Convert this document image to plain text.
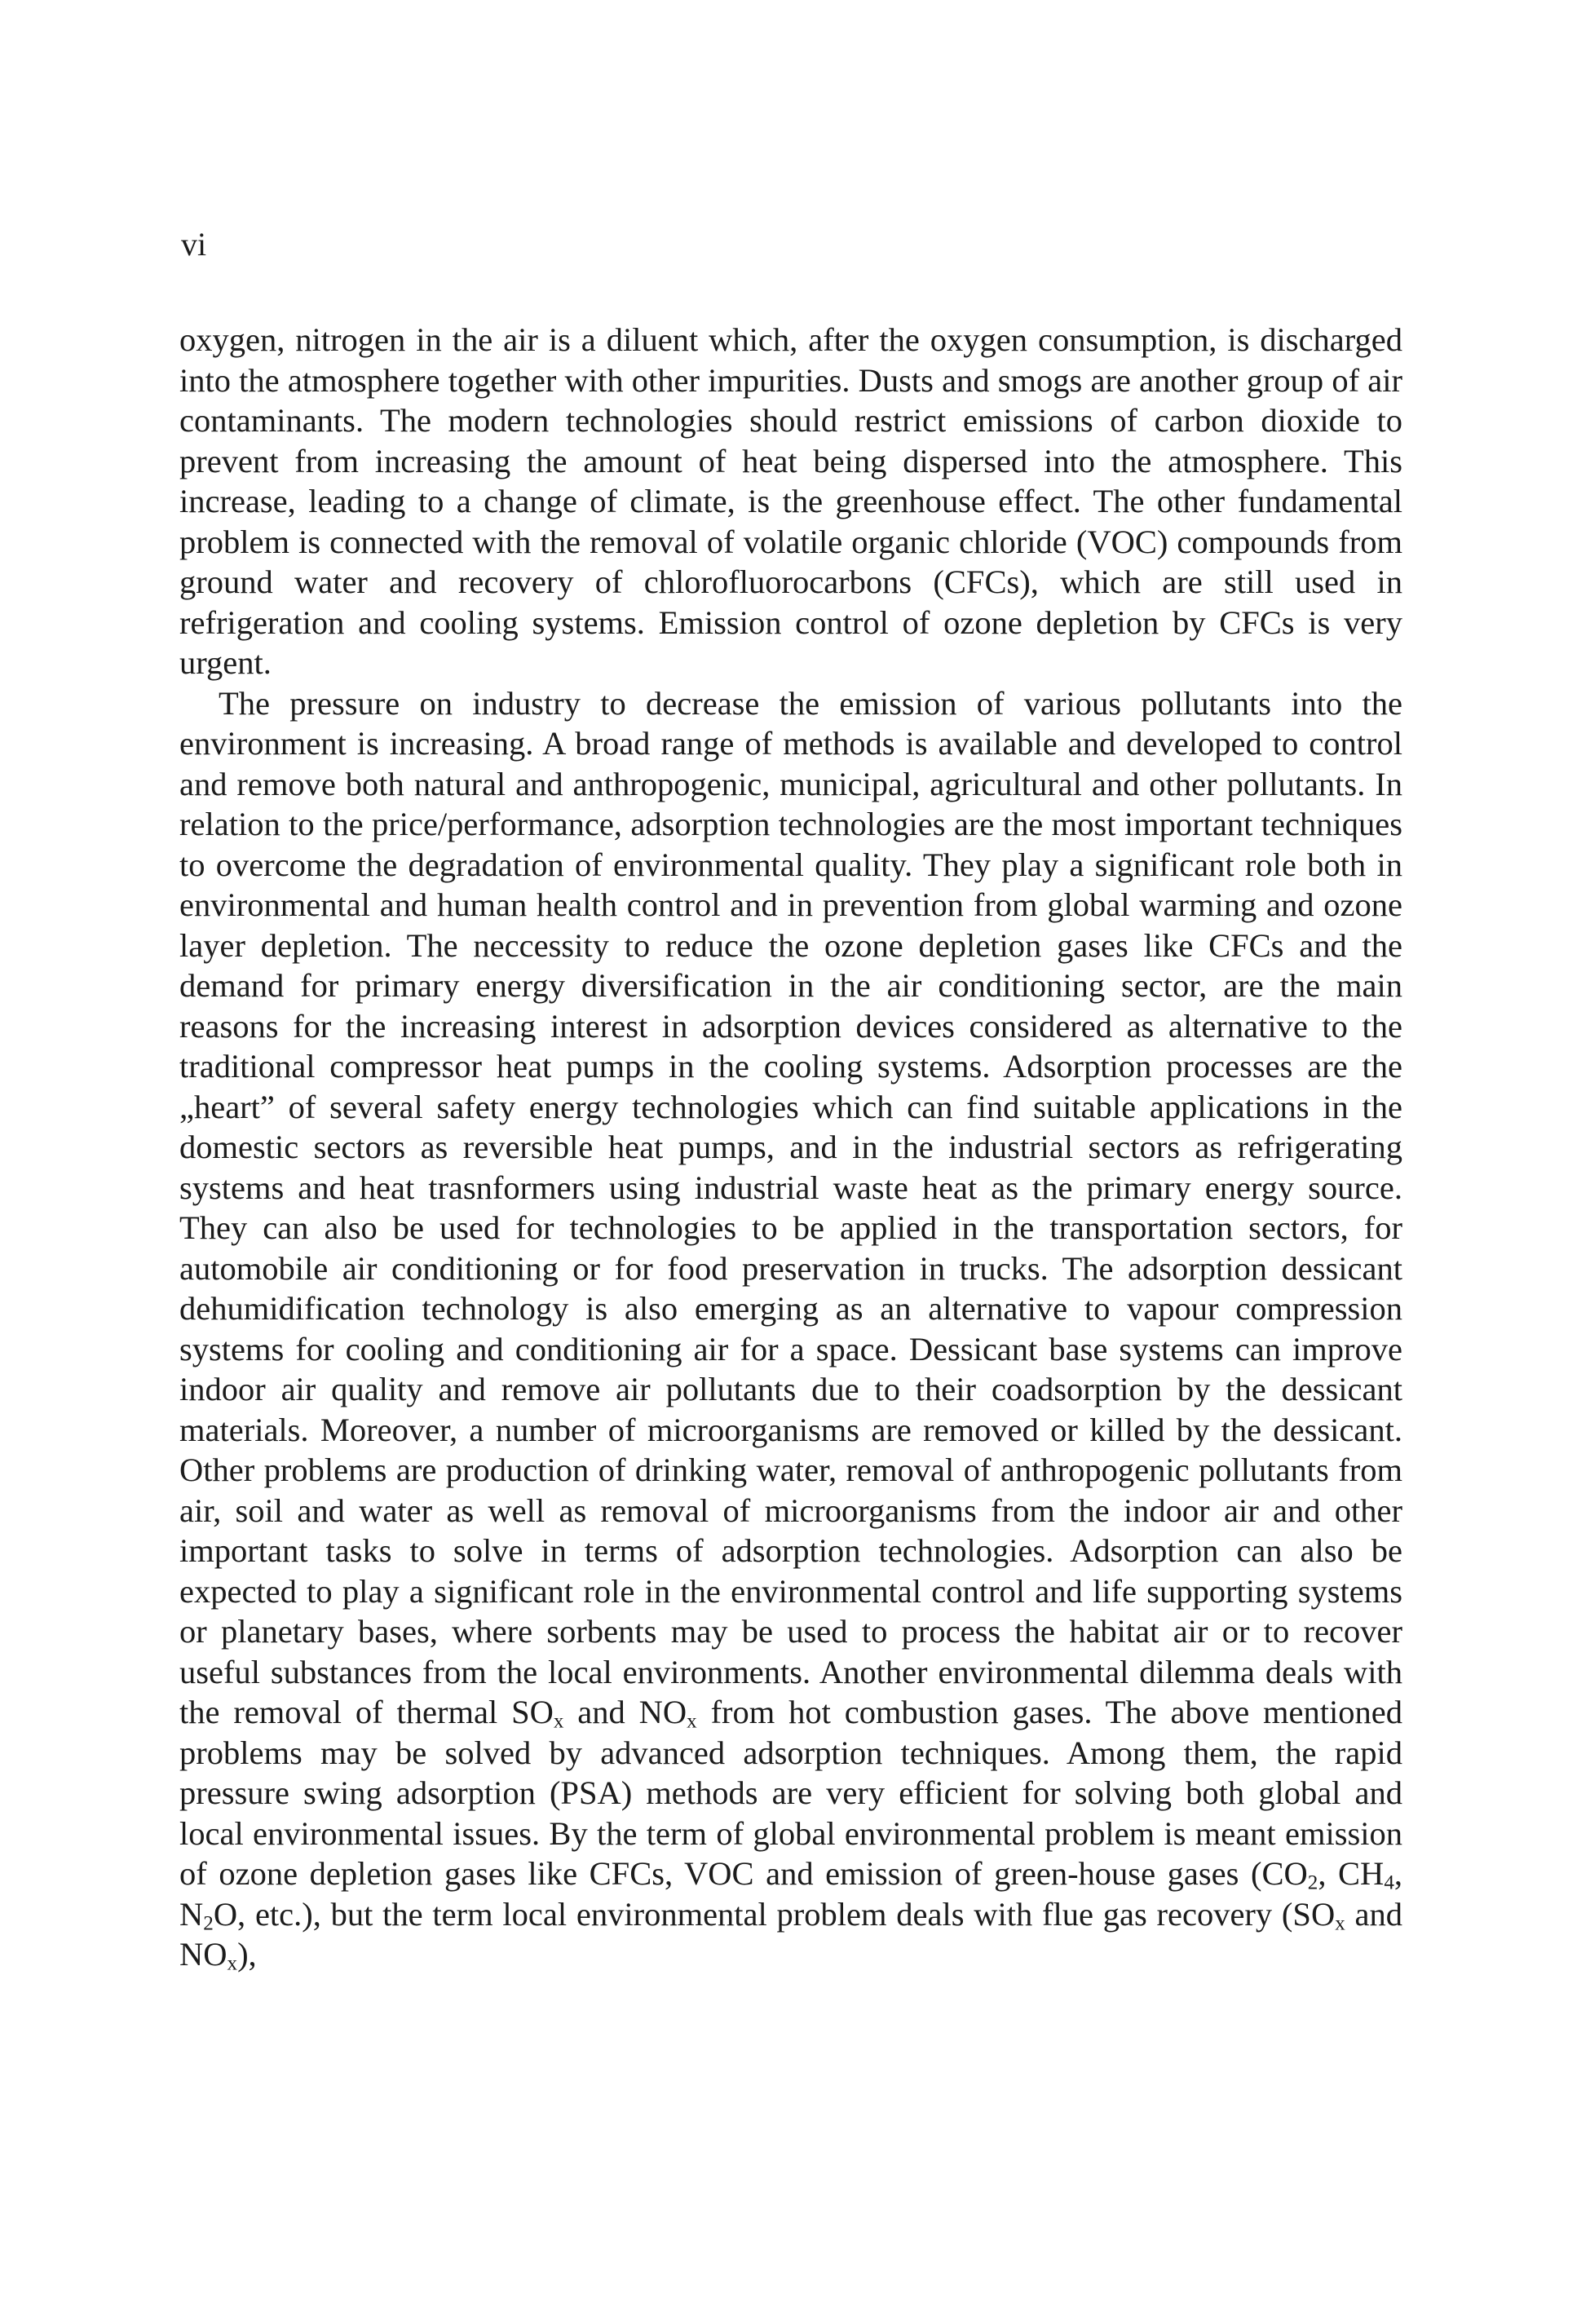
vi

oxygen, nitrogen in the air is a diluent which, after the oxygen consumption, is discharged into the atmosphere together with other impurities. Dusts and smogs are another group of air contaminants. The modern technologies should restrict emissions of carbon dioxide to prevent from increasing the amount of heat being dispersed into the atmosphere. This increase, leading to a change of climate, is the greenhouse effect. The other fundamental problem is connected with the removal of volatile organic chloride (VOC) compounds from ground water and recovery of chlorofluorocarbons (CFCs), which are still used in refrigeration and cooling systems. Emission control of ozone depletion by CFCs is very urgent.

The pressure on industry to decrease the emission of various pollutants into the environment is increasing. A broad range of methods is available and developed to control and remove both natural and anthropogenic, municipal, agricultural and other pollutants. In relation to the price/performance, adsorption technologies are the most important techniques to overcome the degradation of environmental quality. They play a significant role both in environmental and human health control and in prevention from global warming and ozone layer depletion. The neccessity to reduce the ozone depletion gases like CFCs and the demand for primary energy diversification in the air conditioning sector, are the main reasons for the increasing interest in adsorption devices considered as alternative to the traditional compressor heat pumps in the cooling systems. Adsorption processes are the „heart” of several safety energy technologies which can find suitable applications in the domestic sectors as reversible heat pumps, and in the industrial sectors as refrigerating systems and heat trasnformers using industrial waste heat as the primary energy source. They can also be used for technologies to be applied in the transportation sectors, for automobile air conditioning or for food preservation in trucks. The adsorption dessicant dehumidification technology is also emerging as an alternative to vapour compression systems for cooling and conditioning air for a space. Dessicant base systems can improve indoor air quality and remove air pollutants due to their coadsorption by the dessicant materials. Moreover, a number of microorganisms are removed or killed by the dessicant. Other problems are production of drinking water, removal of anthropogenic pollutants from air, soil and water as well as removal of microorganisms from the indoor air and other important tasks to solve in terms of adsorption technologies. Adsorption can also be expected to play a significant role in the environmental control and life supporting systems or planetary bases, where sorbents may be used to process the habitat air or to recover useful substances from the local environments. Another environmental dilemma deals with the removal of thermal $SO_x$ and $NO_x$ from hot combustion gases. The above mentioned problems may be solved by advanced adsorption techniques. Among them, the rapid pressure swing adsorption (PSA) methods are very efficient for solving both global and local environmental issues. By the term of global environmental problem is meant emission of ozone depletion gases like CFCs, VOC and emission of green-house gases ($CO_2$, $CH_4$, $N_2O$, etc.), but the term local environmental problem deals with flue gas recovery ($SO_x$ and $NO_x$),
